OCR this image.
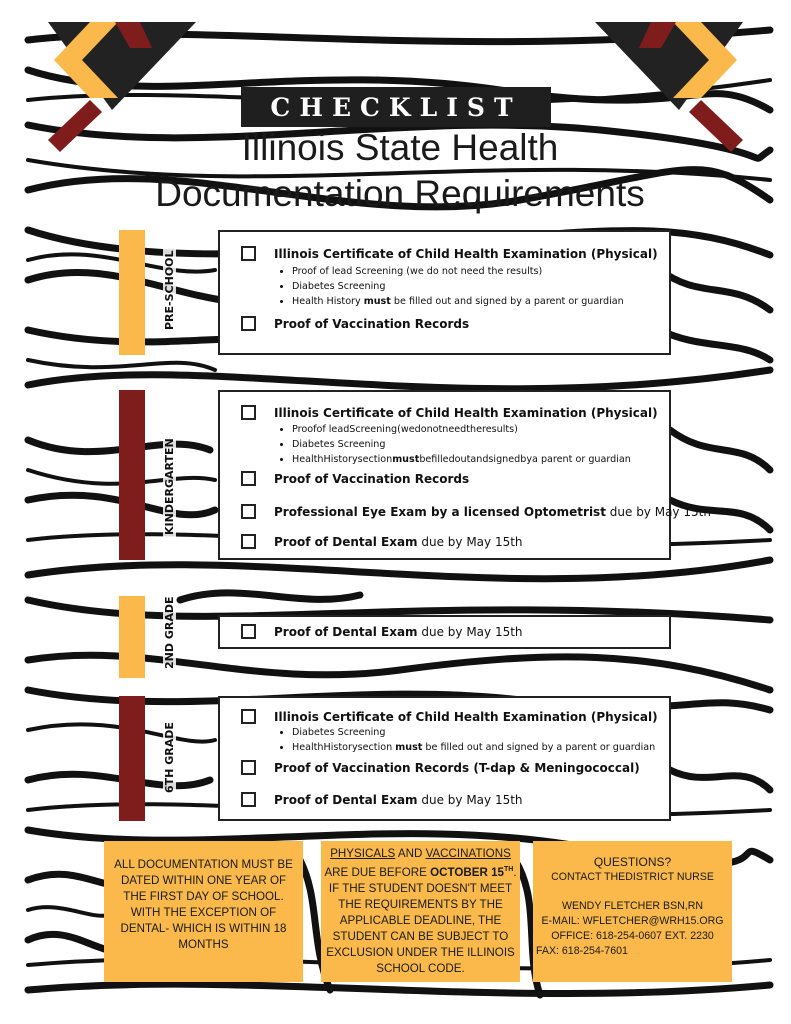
CHECKLIST
Illinois State Health
Documentation Requirements
PRE-SCHOOL	Illinois Certificate of Child Health Examination (Physical)
• Proof of lead Screening (we do not need the results)
• Diabetes Screening
• Health History must be filled out and signed by a parent or guardian
Proof of Vaccination Records
KINDERGARTEN
Illinois Certificate of Child Health Examination (Physical)
• Proofof leadScreening(wedonotneedtheresults)
• Diabetes Screening
• HealthHistorysectionmustbefilledoutandsignedbya parent or guardian
Proof of Vaccination Records
Professional Eye Exam by a licensed Optometrist due by May 15th
Proof of Dental Exam due by May 15th
2ND GRADE	Proof of Dental Exam due by May 15th
6TH GRADE
Illinois Certificate of Child Health Examination (Physical)
• Diabetes Screening
• HealthHistorysection must be filled out and signed by a parent or guardian
Proof of Vaccination Records (T-dap & Meningococcal)
Proof of Dental Exam due by May 15th
ALL DOCUMENTATION MUST BE
DATED WITHIN ONE YEAR OF
THE FIRST DAY OF SCHOOL.
WITH THE EXCEPTION OF
DENTAL- WHICH IS WITHIN 18
MONTHS
PHYSICALS AND VACCINATIONS
ARE DUE BEFORE OCTOBER 15TH.
IF THE STUDENT DOESN'T MEET
THE REQUIREMENTS BY THE
APPLICABLE DEADLINE, THE
STUDENT CAN BE SUBJECT TO
EXCLUSION UNDER THE ILLINOIS
SCHOOL CODE.
QUESTIONS?
CONTACT THEDISTRICT NURSE
WENDY FLETCHER BSN,RN
E-MAIL: WFLETCHER@WRH15.ORG
OFFICE: 618-254-0607 EXT. 2230
FAX: 618-254-7601
